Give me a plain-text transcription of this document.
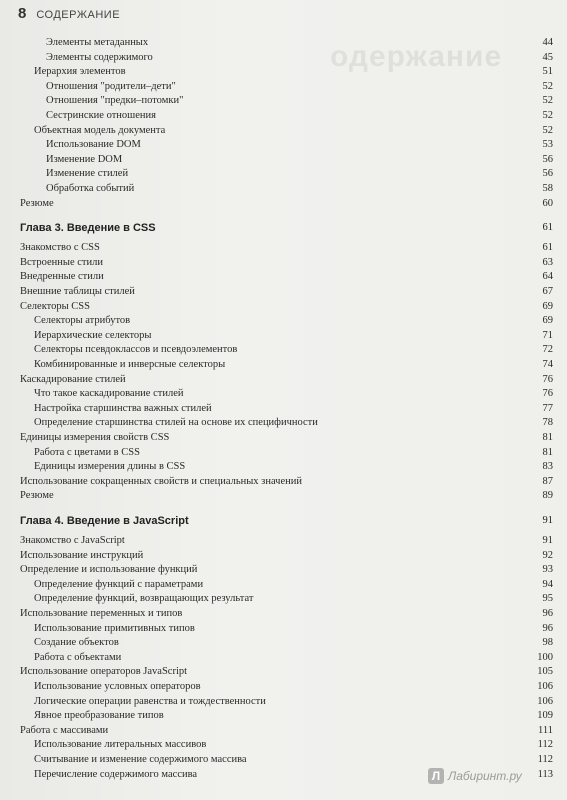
одержание
8 СОДЕРЖАНИЕ
Элементы метаданных	44
Элементы содержимого	45
Иерархия элементов	51
Отношения "родители–дети"	52
Отношения "предки–потомки"	52
Сестринские отношения	52
Объектная модель документа	52
Использование DOM	53
Изменение DOM	56
Изменение стилей	56
Обработка событий	58
Резюме	60
Глава 3. Введение в CSS	61
Знакомство с CSS	61
Встроенные стили	63
Внедренные стили	64
Внешние таблицы стилей	67
Селекторы CSS	69
Селекторы атрибутов	69
Иерархические селекторы	71
Селекторы псевдоклассов и псевдоэлементов	72
Комбинированные и инверсные селекторы	74
Каскадирование стилей	76
Что такое каскадирование стилей	76
Настройка старшинства важных стилей	77
Определение старшинства стилей на основе их специфичности	78
Единицы измерения свойств CSS	81
Работа с цветами в CSS	81
Единицы измерения длины в CSS	83
Использование сокращенных свойств и специальных значений	87
Резюме	89
Глава 4. Введение в JavaScript	91
Знакомство с JavaScript	91
Использование инструкций	92
Определение и использование функций	93
Определение функций с параметрами	94
Определение функций, возвращающих результат	95
Использование переменных и типов	96
Использование примитивных типов	96
Создание объектов	98
Работа с объектами	100
Использование операторов JavaScript	105
Использование условных операторов	106
Логические операции равенства и тождественности	106
Явное преобразование типов	109
Работа с массивами	111
Использование литеральных массивов	112
Считывание и изменение содержимого массива	112
Перечисление содержимого массива	113
Л Лабиринт.ру
